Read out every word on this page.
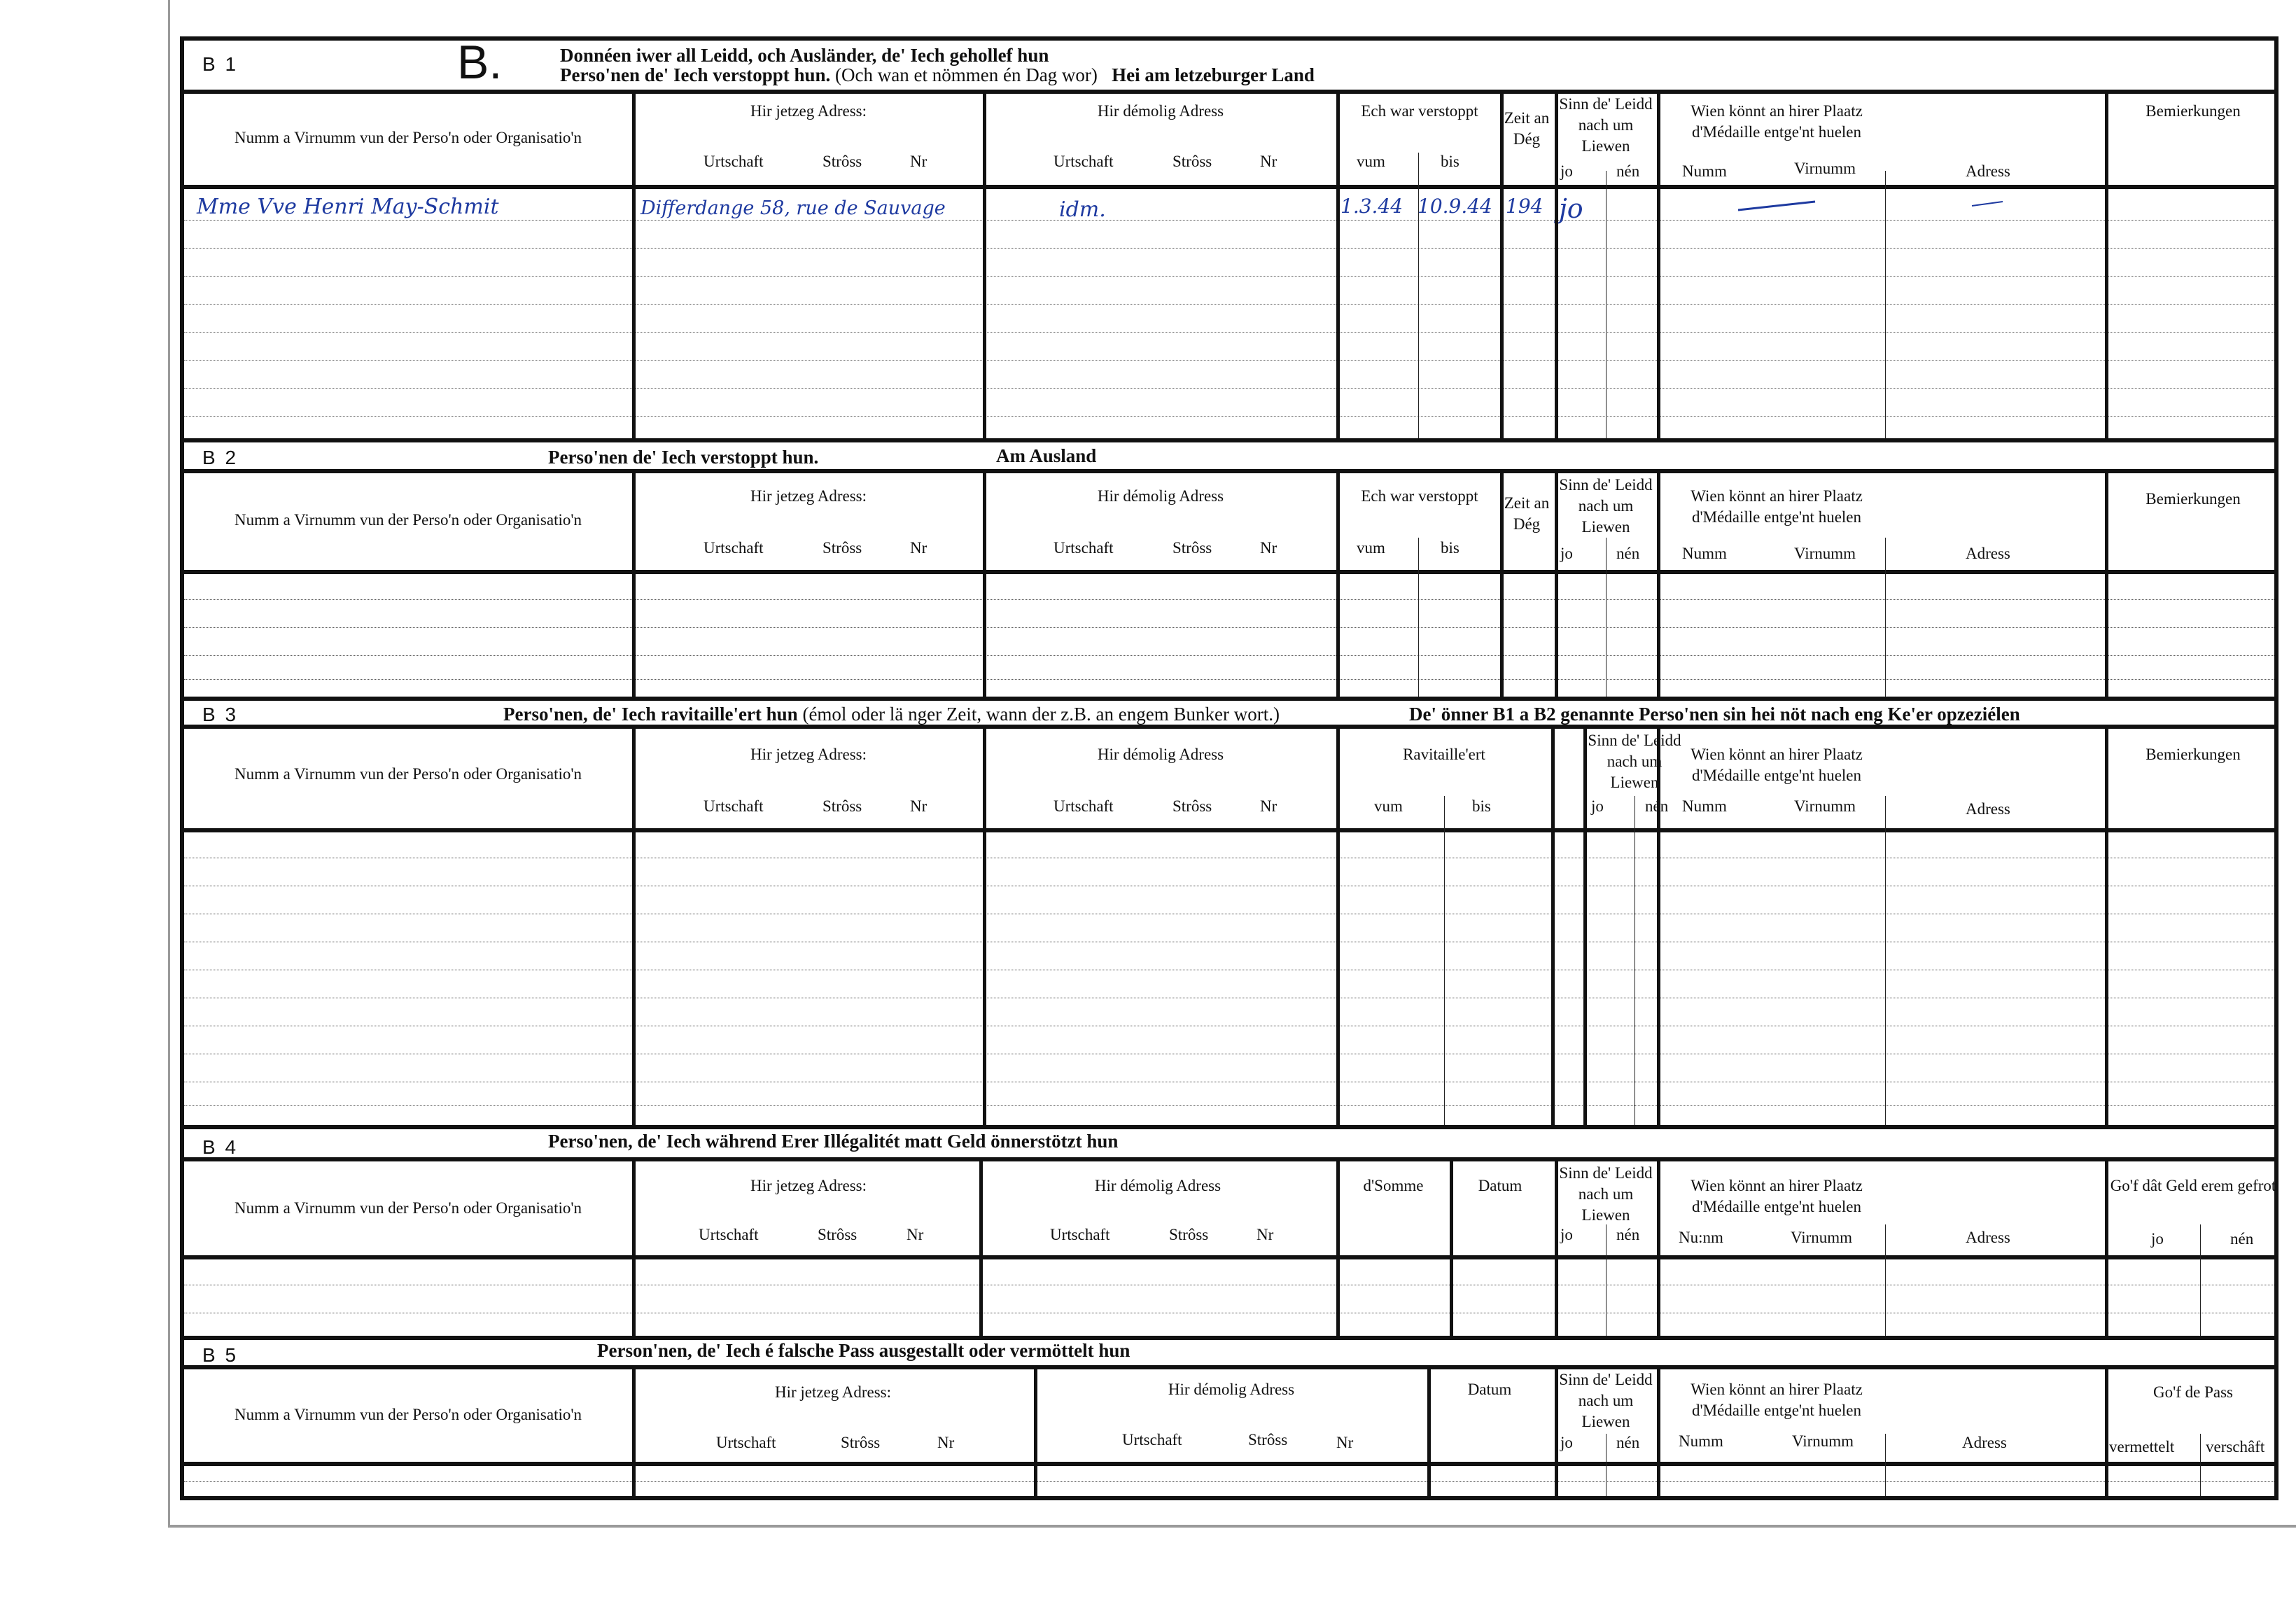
B 1	B.	Donnéen iwer all Leidd, och Ausländer, de' Iech gehollef hun
Perso'nen de' Iech verstoppt hun. (Och wan et nömmen én Dag wor) Hei am letzeburger Land
Numm a Virnumm vun der Perso'n oder Organisatio'n
Hir jetzeg Adress:
Urtschaft	Strôss	Nr
Hir démolig Adress
Urtschaft	Strôss	Nr
Ech war verstoppt
vum	bis
Zeit an Dég
Sinn de' Leidd nach um Liewen
jo	nén
Wien könnt an hirer Plaatz d'Médaille entge'nt huelen
Numm	Virnumm	Adress
Bemierkungen
Mme Vve Henri May-Schmit	Differdange 58, rue de Sauvage	idm.	1.3.44 10.9.44 194 jo
B 2	Perso'nen de' Iech verstoppt hun.	Am Ausland
Numm a Virnumm vun der Perso'n oder Organisatio'n
Hir jetzeg Adress:
Urtschaft	Strôss	Nr
Hir démolig Adress
Urtschaft	Strôss	Nr
Ech war verstoppt
vum	bis
Zeit an Dég
Sinn de' Leidd nach um Liewen
jo	nén
Wien könnt an hirer Plaatz d'Médaille entge'nt huelen
Numm	Virnumm	Adress
Bemierkungen
B 3	Perso'nen, de' Iech ravitaille'ert hun (émol oder lä nger Zeit, wann der z.B. an engem Bunker wort.)	De' önner B1 a B2 genannte Perso'nen sin hei nöt nach eng Ke'er opzeziélen
Numm a Virnumm vun der Perso'n oder Organisatio'n
Hir jetzeg Adress:
Urtschaft	Strôss	Nr
Hir démolig Adress
Urtschaft	Strôss	Nr
Ravitaille'ert
vum	bis
Sinn de' Leidd nach um Liewen
jo	nén
Wien könnt an hirer Plaatz d'Médaille entge'nt huelen
Numm	Virnumm	Adress
Bemierkungen
B 4	Perso'nen, de' Iech während Erer Illégalitét matt Geld önnerstötzt hun
Numm a Virnumm vun der Perso'n oder Organisatio'n
Hir jetzeg Adress:
Urtschaft	Strôss	Nr
Hir démolig Adress
Urtschaft	Strôss	Nr
d'Somme	Datum
Sinn de' Leidd nach um Liewen
jo	nén
Wien könnt an hirer Plaatz d'Médaille entge'nt huelen
Nu:nm	Virnumm	Adress
Go'f dât Geld erem gefrot
jo	nén
B 5	Person'nen, de' Iech é falsche Pass ausgestallt oder vermöttelt hun
Numm a Virnumm vun der Perso'n oder Organisatio'n
Hir jetzeg Adress:
Urtschaft	Strôss	Nr
Hir démolig Adress
Urtschaft	Strôss	Nr
Datum
Sinn de' Leidd nach um Liewen
jo	nén
Wien könnt an hirer Plaatz d'Médaille entge'nt huelen
Numm	Virnumm	Adress
Go'f de Pass
vermettelt verschâft
